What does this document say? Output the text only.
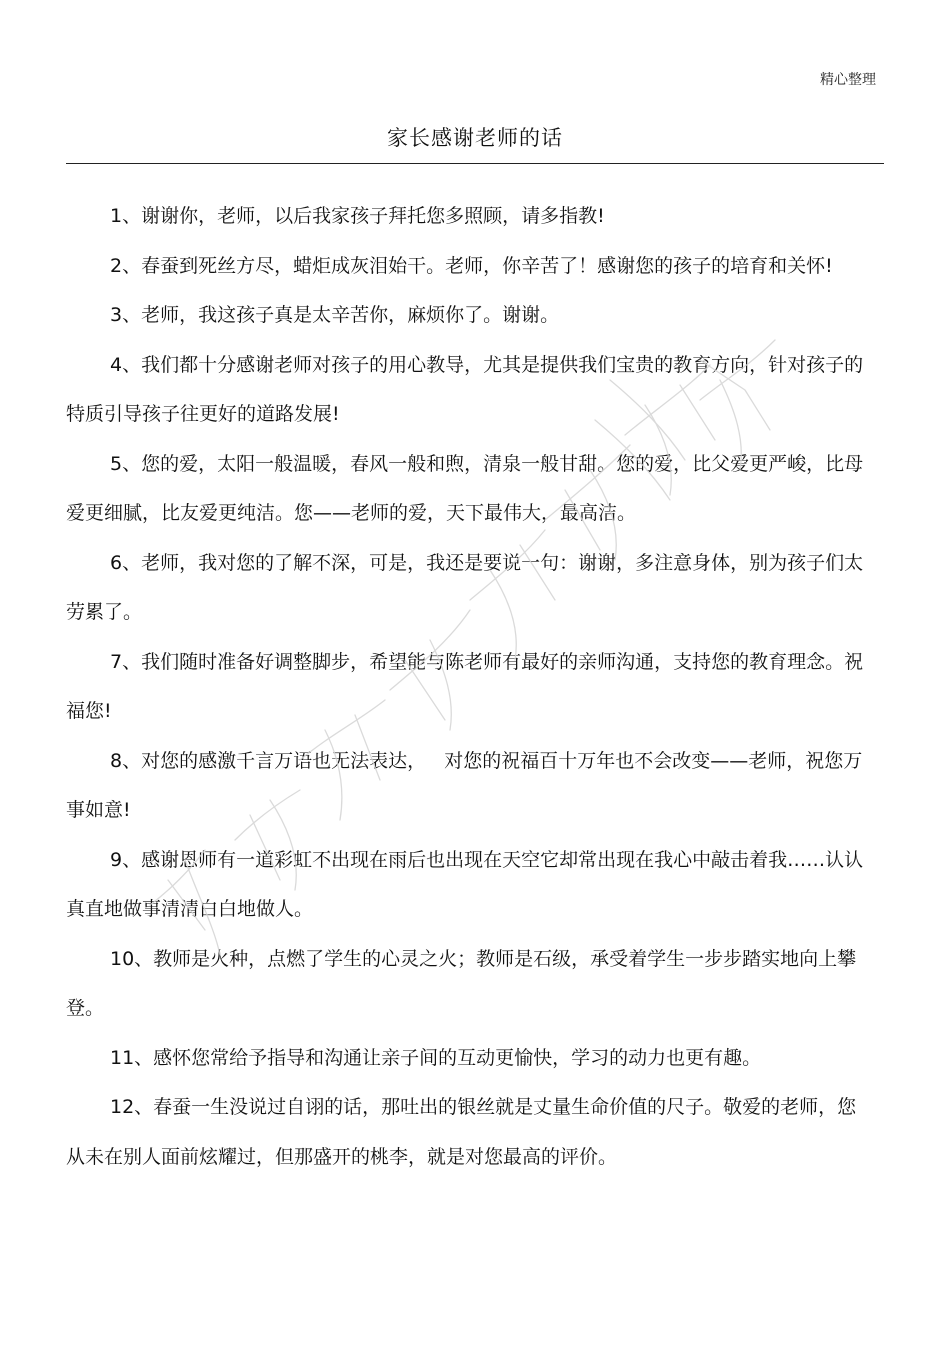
精心整理
家长感谢老师的话

1、谢谢你，老师，以后我家孩子拜托您多照顾，请多指教!

2、春蚕到死丝方尽，蜡炬成灰泪始干。老师，你辛苦了！感谢您的孩子的培育和关怀!

3、老师，我这孩子真是太辛苦你，麻烦你了。谢谢。

4、我们都十分感谢老师对孩子的用心教导，尤其是提供我们宝贵的教育方向，针对孩子的特质引导孩子往更好的道路发展!

5、您的爱，太阳一般温暖，春风一般和煦，清泉一般甘甜。您的爱，比父爱更严峻，比母爱更细腻，比友爱更纯洁。您——老师的爱，天下最伟大，最高洁。

6、老师，我对您的了解不深，可是，我还是要说一句：谢谢，多注意身体，别为孩子们太劳累了。

7、我们随时准备好调整脚步，希望能与陈老师有最好的亲师沟通，支持您的教育理念。祝福您!

8、对您的感激千言万语也无法表达，   对您的祝福百十万年也不会改变——老师，祝您万事如意!

9、感谢恩师有一道彩虹不出现在雨后也出现在天空它却常出现在我心中敲击着我……认认真直地做事清清白白地做人。

10、教师是火种，点燃了学生的心灵之火；教师是石级，承受着学生一步步踏实地向上攀登。

11、感怀您常给予指导和沟通让亲子间的互动更愉快，学习的动力也更有趣。

12、春蚕一生没说过自诩的话，那吐出的银丝就是丈量生命价值的尺子。敬爱的老师，您从未在别人面前炫耀过，但那盛开的桃李，就是对您最高的评价。
